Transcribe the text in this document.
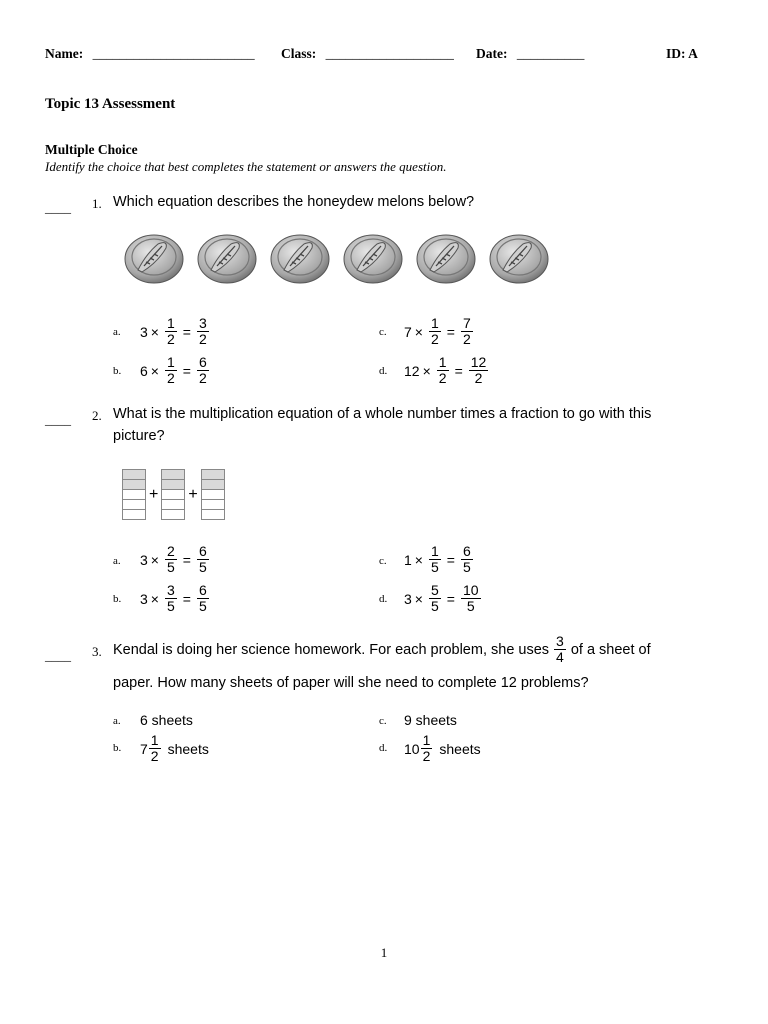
Name: ________________________ Class: ___________________ Date: __________	ID: A
Topic 13 Assessment
Multiple Choice
Identify the choice that best completes the statement or answers the question.
____ 1. Which equation describes the honeydew melons below?
a. $3 \times \frac{1}{2} = \frac{3}{2}$
b. $6 \times \frac{1}{2} = \frac{6}{2}$
c. $7 \times \frac{1}{2} = \frac{7}{2}$
d. $12 \times \frac{1}{2} = \frac{12}{2}$
____ 2. What is the multiplication equation of a whole number times a fraction to go with this
picture?
+ +
a. $3 \times \frac{2}{5} = \frac{6}{5}$
b. $3 \times \frac{3}{5} = \frac{6}{5}$
c. $1 \times \frac{1}{5} = \frac{6}{5}$
d. $3 \times \frac{5}{5} = \frac{10}{5}$
____ 3. Kendal is doing her science homework. For each problem, she uses $\frac{3}{4}$ of a sheet of
paper. How many sheets of paper will she need to complete 12 problems?
a. 6 sheets	c. 9 sheets
b. $7 \frac{1}{2}$ sheets	d. $10 \frac{1}{2}$ sheets
1
